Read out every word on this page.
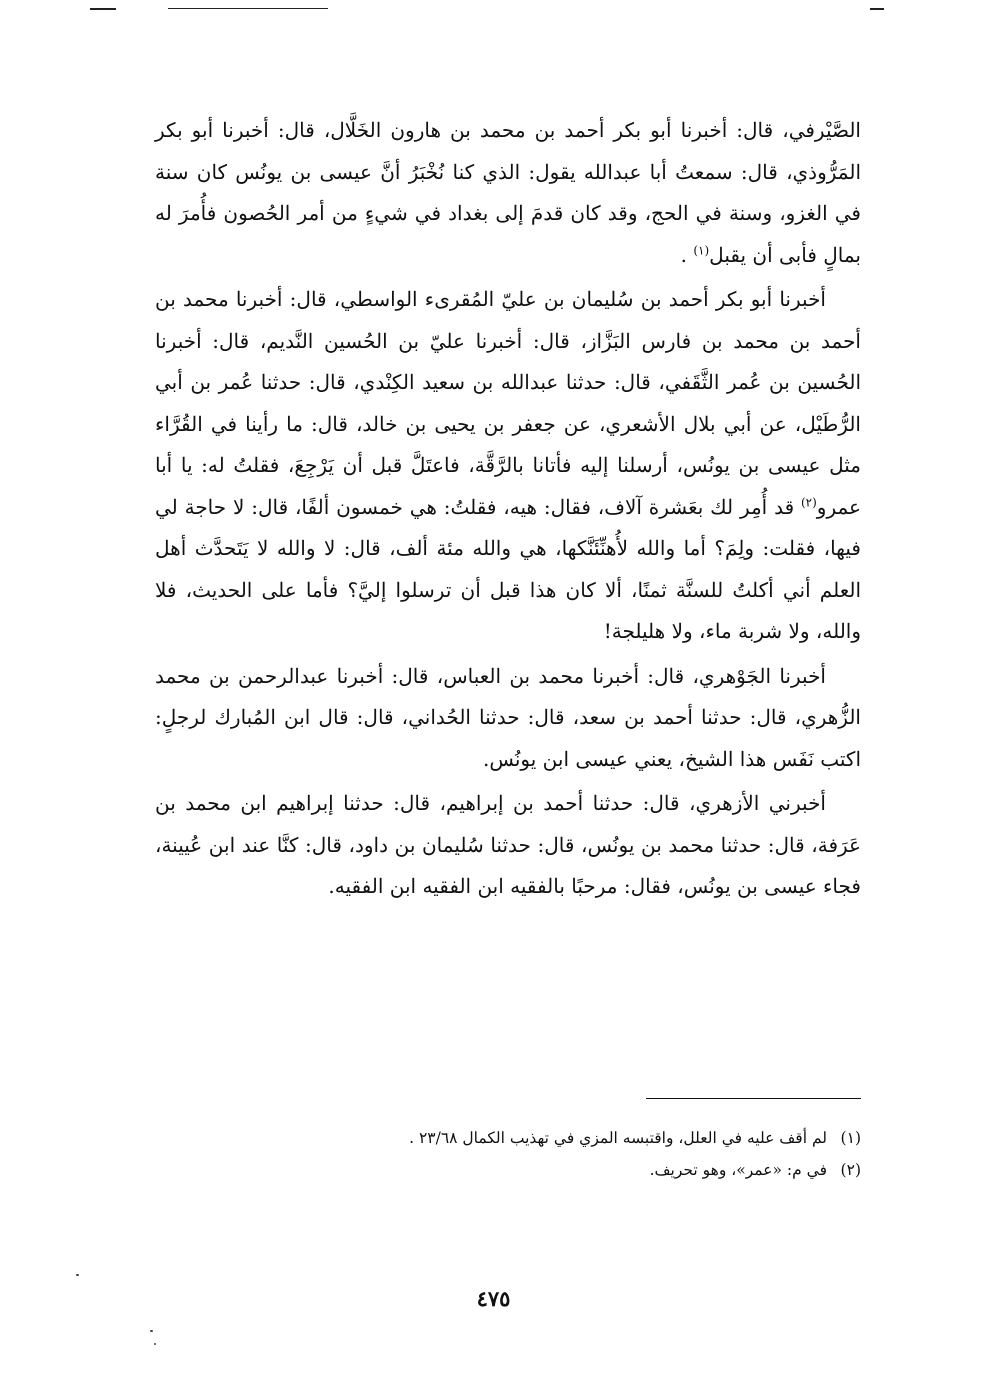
الصَّيْرفي، قال: أخبرنا أبو بكر أحمد بن محمد بن هارون الخَلَّال، قال: أخبرنا أبو بكر المَرُّوذي، قال: سمعتُ أبا عبدالله يقول: الذي كنا نُخْبَرُ أنَّ عيسى بن يونُس كان سنة في الغزو، وسنة في الحج، وقد كان قدمَ إلى بغداد في شيءٍ من أمر الحُصون فأُمرَ له بمالٍ فأبى أن يقبل$^{(١)}$ .

أخبرنا أبو بكر أحمد بن سُليمان بن عليّ المُقرىء الواسطي، قال: أخبرنا محمد بن أحمد بن محمد بن فارس البَزَّاز، قال: أخبرنا عليّ بن الحُسين النَّديم، قال: أخبرنا الحُسين بن عُمر الثَّقَفي، قال: حدثنا عبدالله بن سعيد الكِنْدي، قال: حدثنا عُمر بن أبي الرُّطَيْل، عن أبي بلال الأشعري، عن جعفر بن يحيى بن خالد، قال: ما رأينا في القُرَّاء مثل عيسى بن يونُس، أرسلنا إليه فأتانا بالرَّقَّة، فاعتَلَّ قبل أن يَرْجِعَ، فقلتُ له: يا أبا عمرو$^{(٢)}$ قد أُمِر لك بعَشرة آلاف، فقال: هيه، فقلتُ: هي خمسون ألفًا، قال: لا حاجة لي فيها، فقلت: ولِمَ؟ أما والله لأُهنِّئَنَّكها، هي والله مئة ألف، قال: لا والله لا يَتَحدَّث أهل العلم أني أكلتُ للسنَّة ثمنًا، ألا كان هذا قبل أن ترسلوا إليَّ؟ فأما على الحديث، فلا والله، ولا شربة ماء، ولا هليلجة!

أخبرنا الجَوْهري، قال: أخبرنا محمد بن العباس، قال: أخبرنا عبدالرحمن بن محمد الزُّهري، قال: حدثنا أحمد بن سعد، قال: حدثنا الحُداني، قال: قال ابن المُبارك لرجلٍ: اكتب نَفَس هذا الشيخ، يعني عيسى ابن يونُس.

أخبرني الأزهري، قال: حدثنا أحمد بن إبراهيم، قال: حدثنا إبراهيم ابن محمد بن عَرَفة، قال: حدثنا محمد بن يونُس، قال: حدثنا سُليمان بن داود، قال: كنَّا عند ابن عُيينة، فجاء عيسى بن يونُس، فقال: مرحبًا بالفقيه ابن الفقيه ابن الفقيه.

(١)لم أقف عليه في العلل، واقتبسه المزي في تهذيب الكمال ٢٣/٦٨ .
(٢)في م: «عمر»، وهو تحريف.
٤٧٥
